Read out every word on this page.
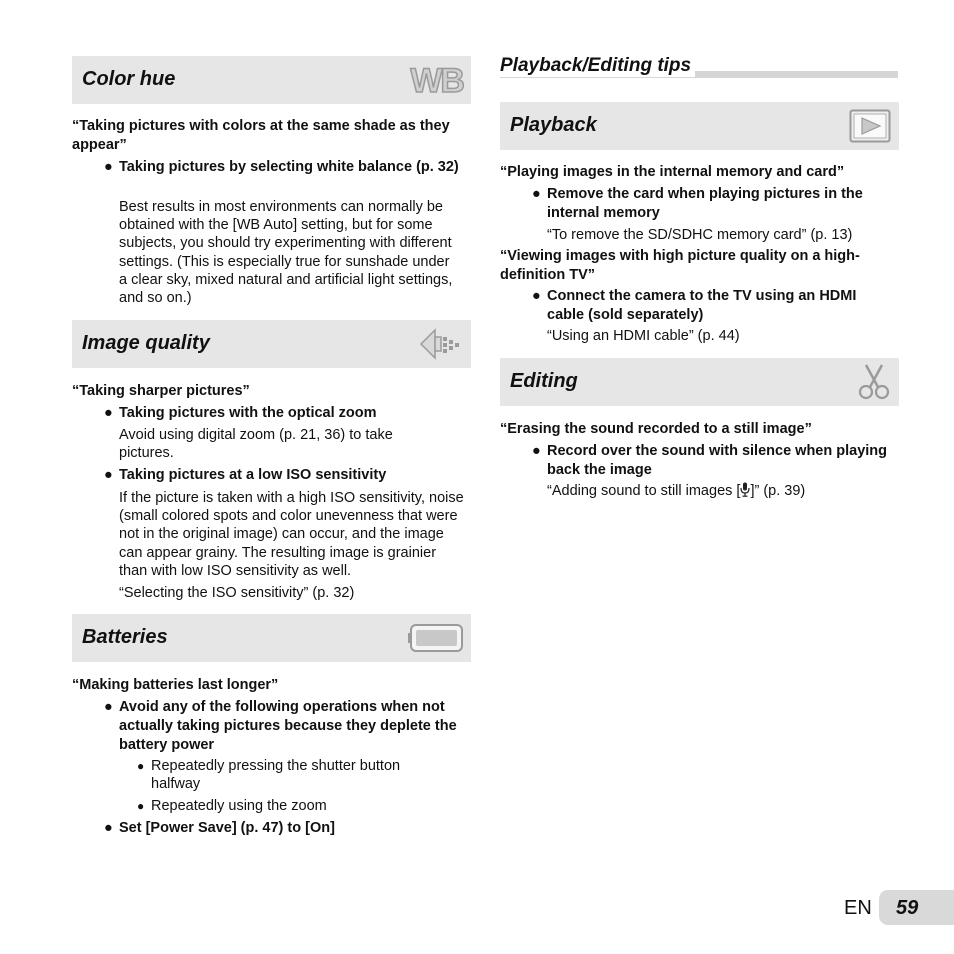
Color hue	WB
“Taking pictures with colors at the same shade as they appear”
● Taking pictures by selecting white balance (p. 32)
Best results in most environments can normally be obtained with the [WB Auto] setting, but for some subjects, you should try experimenting with different settings. (This is especially true for sunshade under a clear sky, mixed natural and artificial light settings, and so on.)
Image quality
“Taking sharper pictures”
● Taking pictures with the optical zoom
Avoid using digital zoom (p. 21, 36) to take pictures.
● Taking pictures at a low ISO sensitivity
If the picture is taken with a high ISO sensitivity, noise (small colored spots and color unevenness that were not in the original image) can occur, and the image can appear grainy. The resulting image is grainier than with low ISO sensitivity as well.
“Selecting the ISO sensitivity” (p. 32)
Batteries
“Making batteries last longer”
● Avoid any of the following operations when not actually taking pictures because they deplete the battery power
● Repeatedly pressing the shutter button halfway
● Repeatedly using the zoom
● Set [Power Save] (p. 47) to [On]
Playback/Editing tips
Playback
“Playing images in the internal memory and card”
● Remove the card when playing pictures in the internal memory
“To remove the SD/SDHC memory card” (p. 13)
“Viewing images with high picture quality on a high-definition TV”
● Connect the camera to the TV using an HDMI cable (sold separately)
“Using an HDMI cable” (p. 44)
Editing
“Erasing the sound recorded to a still image”
● Record over the sound with silence when playing back the image
“Adding sound to still images [ ]” (p. 39)
EN 59
